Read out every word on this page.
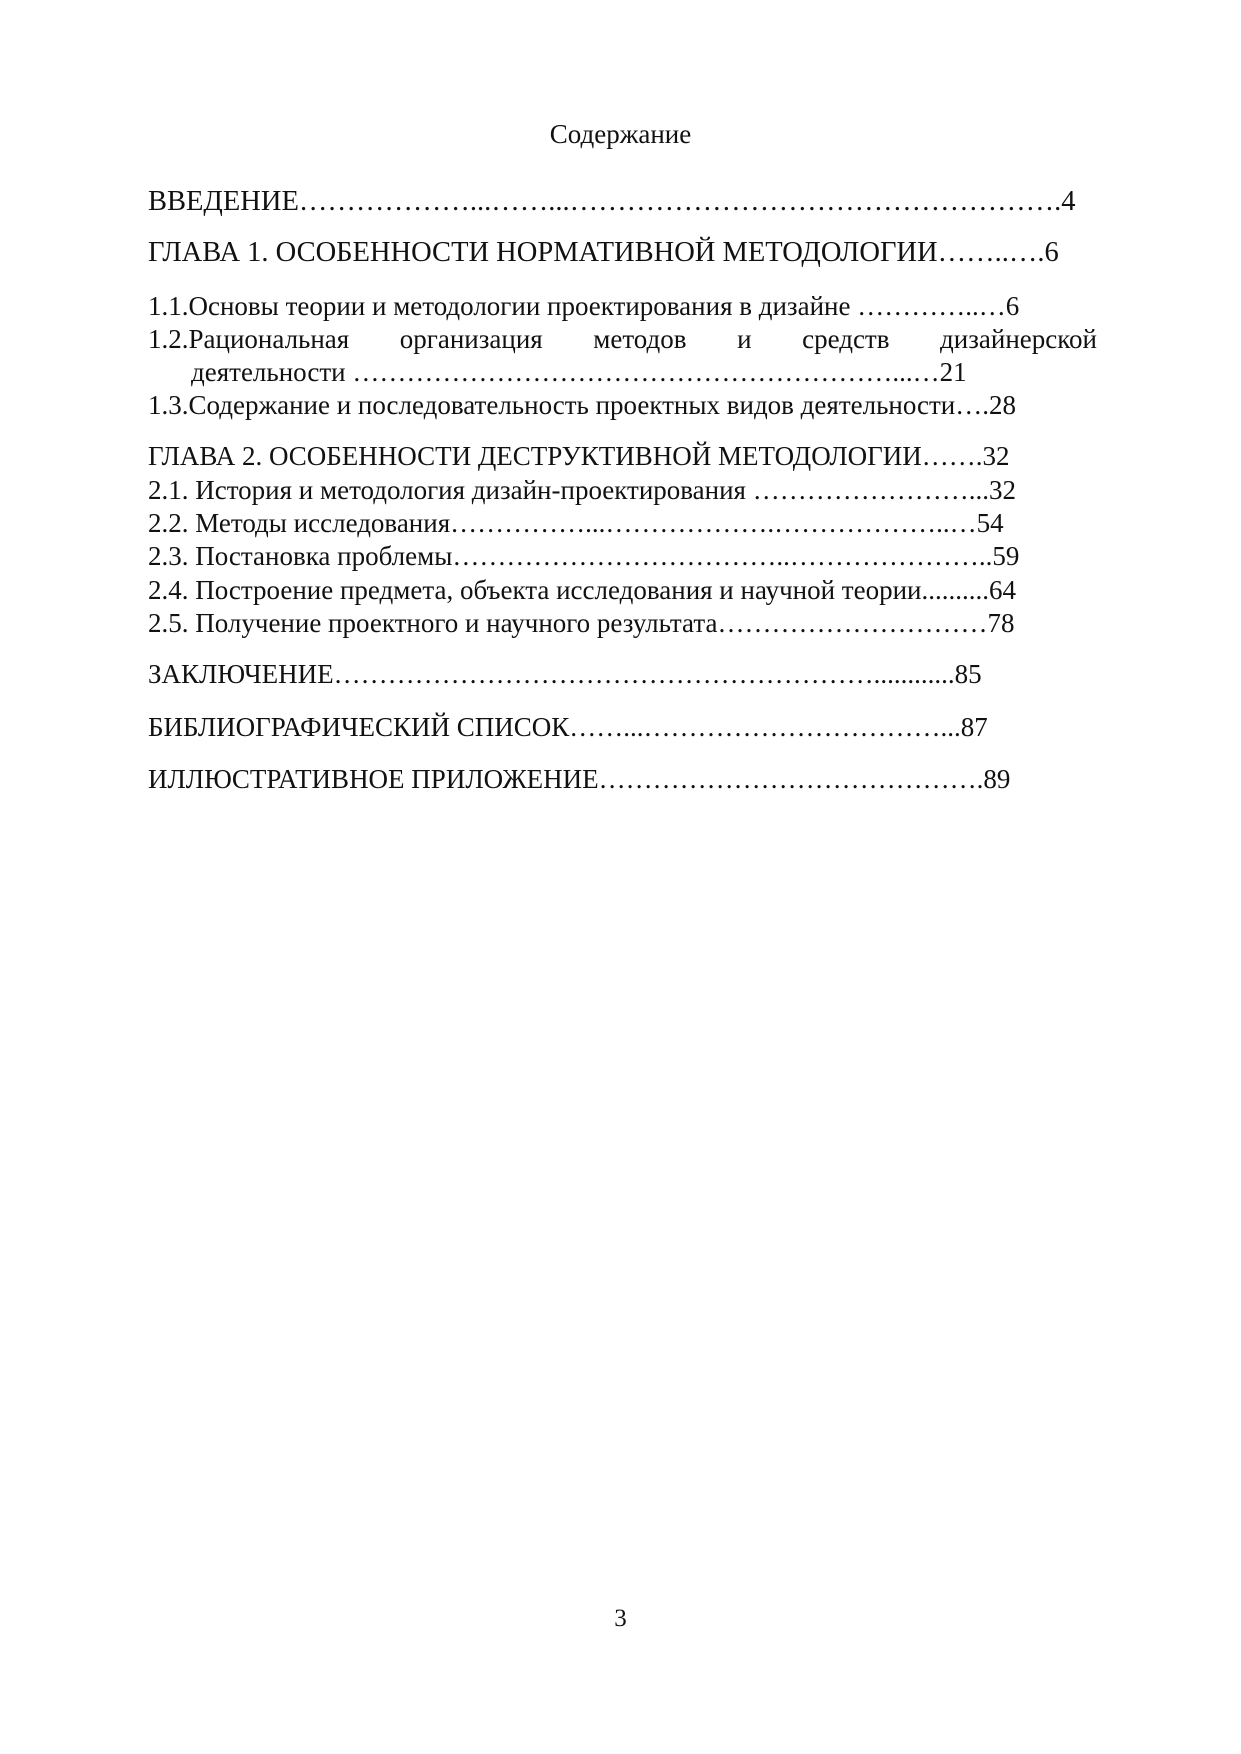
Содержание
ВВЕДЕНИЕ………………...……...…………………………………………….4
ГЛАВА 1. ОСОБЕННОСТИ НОРМАТИВНОЙ МЕТОДОЛОГИИ……..….6
1.1.Основы теории и методологии проектирования в дизайне …………..…6
1.2.Рациональная организация методов и средств дизайнерской
деятельности ……………………………………………………...…21
1.3.Содержание и последовательность проектных видов деятельности….28
ГЛАВА 2. ОСОБЕННОСТИ ДЕСТРУКТИВНОЙ МЕТОДОЛОГИИ…….32
2.1. История и методология дизайн-проектирования ……………………...32
2.2. Методы исследования……………...……………….………………..…54
2.3. Постановка проблемы………………………………..…………………..59
2.4. Построение предмета, объекта исследования и научной теории..........64
2.5. Получение проектного и научного результата…………………………78
ЗАКЛЮЧЕНИЕ……………………………………………………............85
БИБЛИОГРАФИЧЕСКИЙ СПИСОК……...……………………………...87
ИЛЛЮСТРАТИВНОЕ ПРИЛОЖЕНИЕ…………………………………….89
3
